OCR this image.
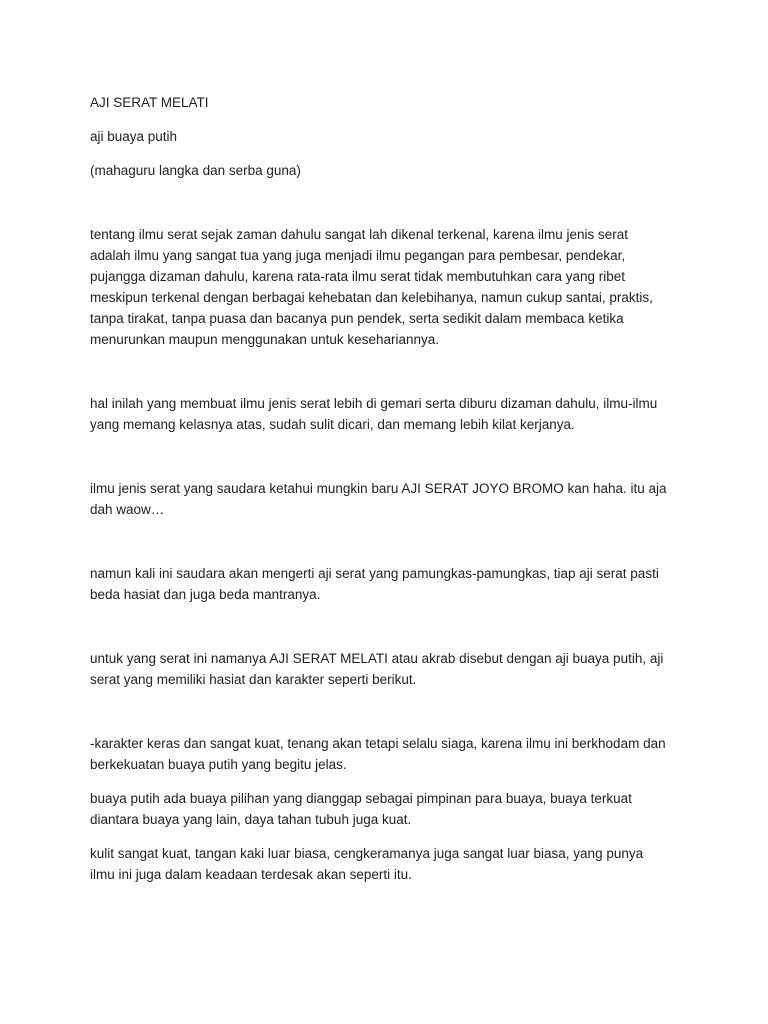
AJI SERAT MELATI

aji buaya putih

(mahaguru langka dan serba guna)

tentang ilmu serat sejak zaman dahulu sangat lah dikenal terkenal, karena ilmu jenis serat

adalah ilmu yang sangat tua yang juga menjadi ilmu pegangan para pembesar, pendekar,

pujangga dizaman dahulu, karena rata-rata ilmu serat tidak membutuhkan cara yang ribet

meskipun terkenal dengan berbagai kehebatan dan kelebihanya, namun cukup santai, praktis,

tanpa tirakat, tanpa puasa dan bacanya pun pendek, serta sedikit dalam membaca ketika

menurunkan maupun menggunakan untuk kesehariannya.

hal inilah yang membuat ilmu jenis serat lebih di gemari serta diburu dizaman dahulu, ilmu-ilmu

yang memang kelasnya atas, sudah sulit dicari, dan memang lebih kilat kerjanya.

ilmu jenis serat yang saudara ketahui mungkin baru AJI SERAT JOYO BROMO kan haha. itu aja

dah waow…

namun kali ini saudara akan mengerti aji serat yang pamungkas-pamungkas, tiap aji serat pasti

beda hasiat dan juga beda mantranya.

untuk yang serat ini namanya AJI SERAT MELATI atau akrab disebut dengan aji buaya putih, aji

serat yang memiliki hasiat dan karakter seperti berikut.

-karakter keras dan sangat kuat, tenang akan tetapi selalu siaga, karena ilmu ini berkhodam dan

berkekuatan buaya putih yang begitu jelas.

buaya putih ada buaya pilihan yang dianggap sebagai pimpinan para buaya, buaya terkuat

diantara buaya yang lain, daya tahan tubuh juga kuat.

kulit sangat kuat, tangan kaki luar biasa, cengkeramanya juga sangat luar biasa, yang punya

ilmu ini juga dalam keadaan terdesak akan seperti itu.
